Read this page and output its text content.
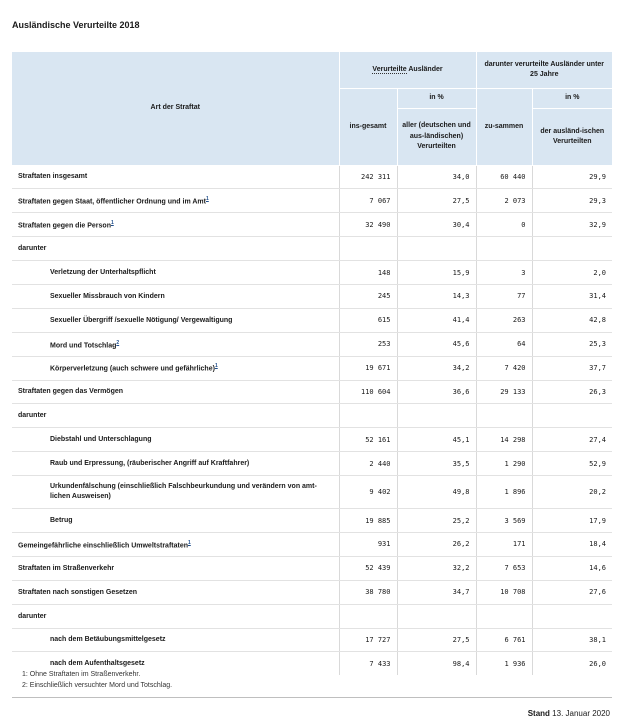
Ausländische Verurteilte 2018
Art der Straftat	Verurteilte Ausländer		darunter verurteilte Ausländer unter 25 Jahre	
	ins-gesamt	in %	zu-sammen	in %
		aller (deutschen und aus-ländischen) Verurteilten		der ausländ-ischen Verurteilten
Straftaten insgesamt	242 311	34,0	60 440	29,9
Straftaten gegen Staat, öffentlicher Ordnung und im Amt$^1$	7 067	27,5	2 073	29,3
Straftaten gegen die Person$^1$	32 490	30,4	0	32,9
darunter				
Verletzung der Unterhaltspflicht	148	15,9	3	2,0
Sexueller Missbrauch von Kindern	245	14,3	77	31,4
Sexueller Übergriff /sexuelle Nötigung/ Vergewaltigung	615	41,4	263	42,8
Mord und Totschlag$^2$	253	45,6	64	25,3
Körperverletzung (auch schwere und gefährliche)$^1$	19 671	34,2	7 420	37,7
Straftaten gegen das Vermögen	110 604	36,6	29 133	26,3
darunter				
Diebstahl und Unterschlagung	52 161	45,1	14 298	27,4
Raub und Erpressung, (räuberischer Angriff auf Kraftfahrer)	2 440	35,5	1 290	52,9
Urkundenfälschung (einschließlich Falschbeurkundung und verändern von amt-lichen Ausweisen)	9 402	49,8	1 896	20,2
Betrug	19 885	25,2	3 569	17,9
Gemeingefährliche einschließlich Umweltstraftaten$^1$	931	26,2	171	18,4
Straftaten im Straßenverkehr	52 439	32,2	7 653	14,6
Straftaten nach sonstigen Gesetzen	38 780	34,7	10 708	27,6
darunter				
nach dem Betäubungsmittelgesetz	17 727	27,5	6 761	38,1
nach dem Aufenthaltsgesetz	7 433	98,4	1 936	26,0
1: Ohne Straftaten im Straßenverkehr.
2: Einschließlich versuchter Mord und Totschlag.
Stand 13. Januar 2020
